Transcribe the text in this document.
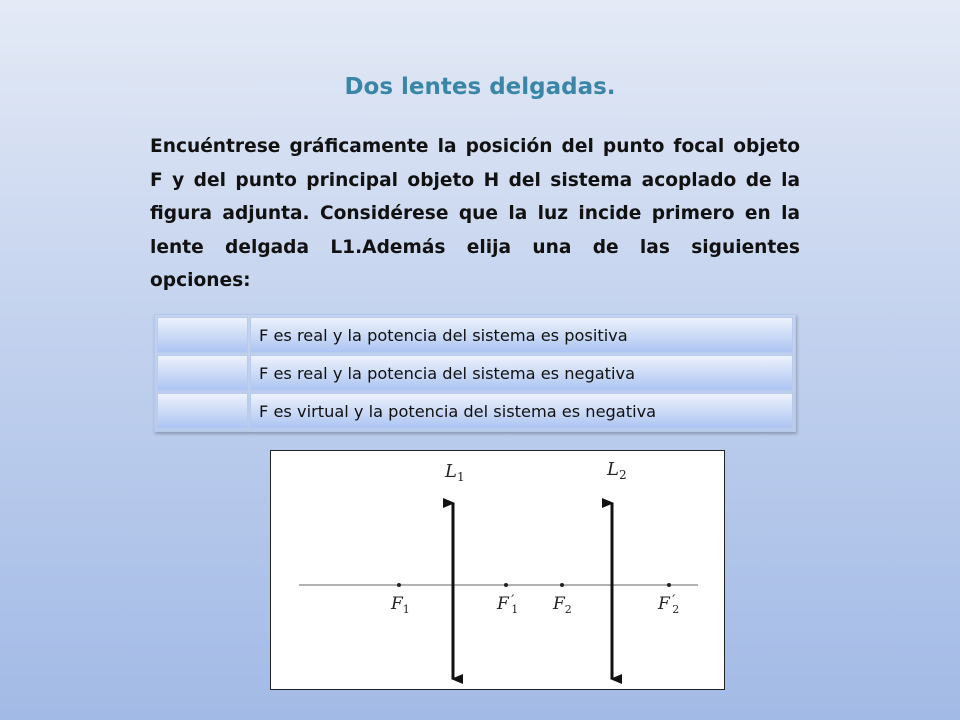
Dos lentes delgadas.

Encuéntrese gráficamente la posición del punto focal objeto F y del punto principal objeto H del sistema acoplado de la figura adjunta. Considérese que la luz incide primero en la lente delgada L1.Además elija una de las siguientes opciones:

	F es real y la potencia del sistema es positiva
	F es real y la potencia del sistema es negativa
	F es virtual y la potencia del sistema es negativa
$L_1$	$L_2$
$F_1$	F´ 1 $F_2$	F´ 2
